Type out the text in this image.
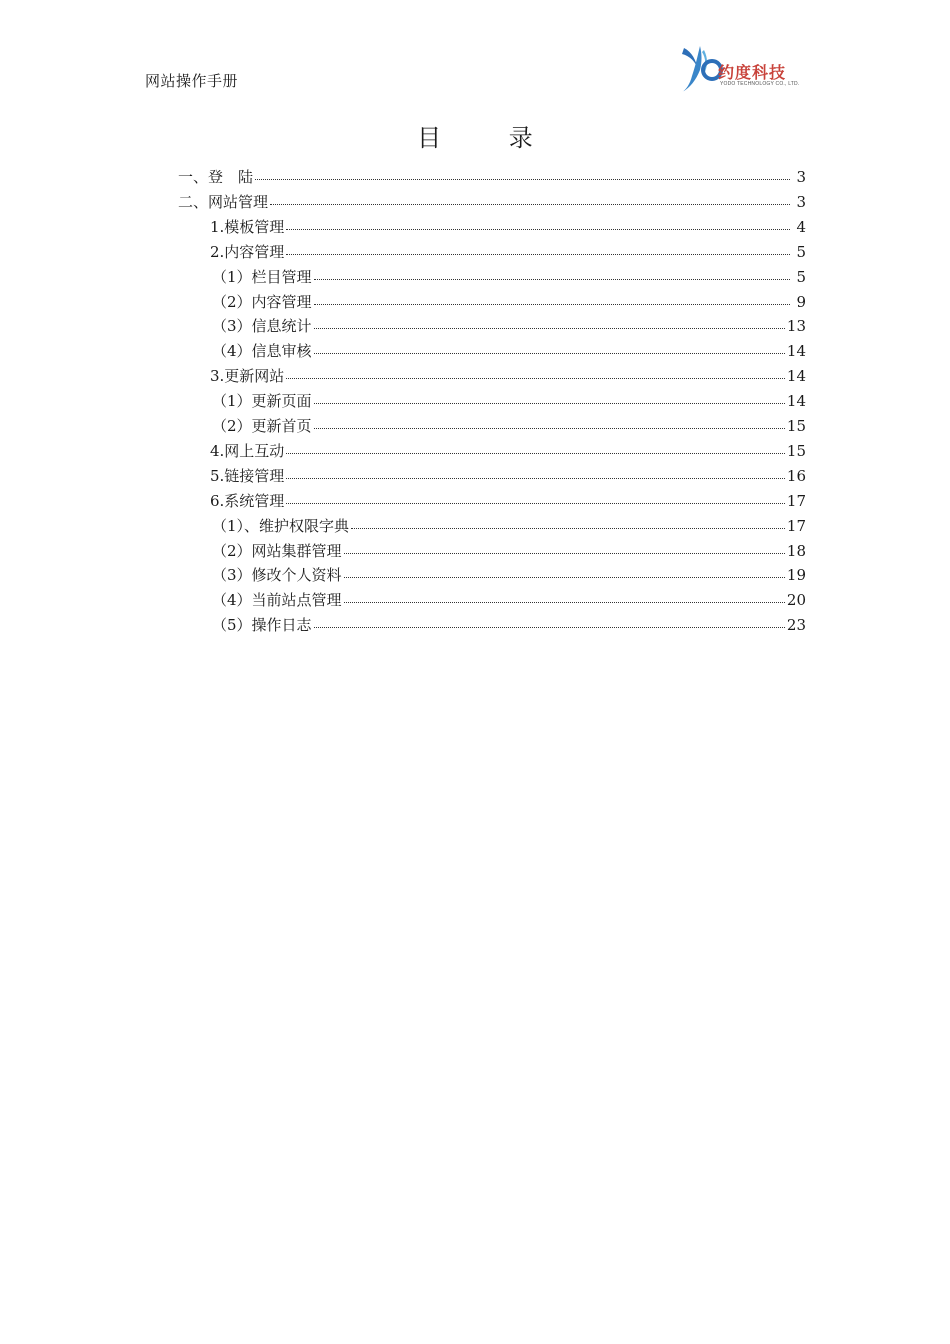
网站操作手册	约度科技
YODO TECHNOLOGY CO., LTD.
目 录
一、登　陆	3
二、网站管理	3
1.模板管理	4
2.内容管理	5
（1）栏目管理	5
（2）内容管理	9
（3）信息统计	13
（4）信息审核	14
3.更新网站	14
（1）更新页面	14
（2）更新首页	15
4.网上互动	15
5.链接管理	16
6.系统管理	17
（1）、维护权限字典	17
（2）网站集群管理	18
（3）修改个人资料	19
（4）当前站点管理	20
（5）操作日志	23
